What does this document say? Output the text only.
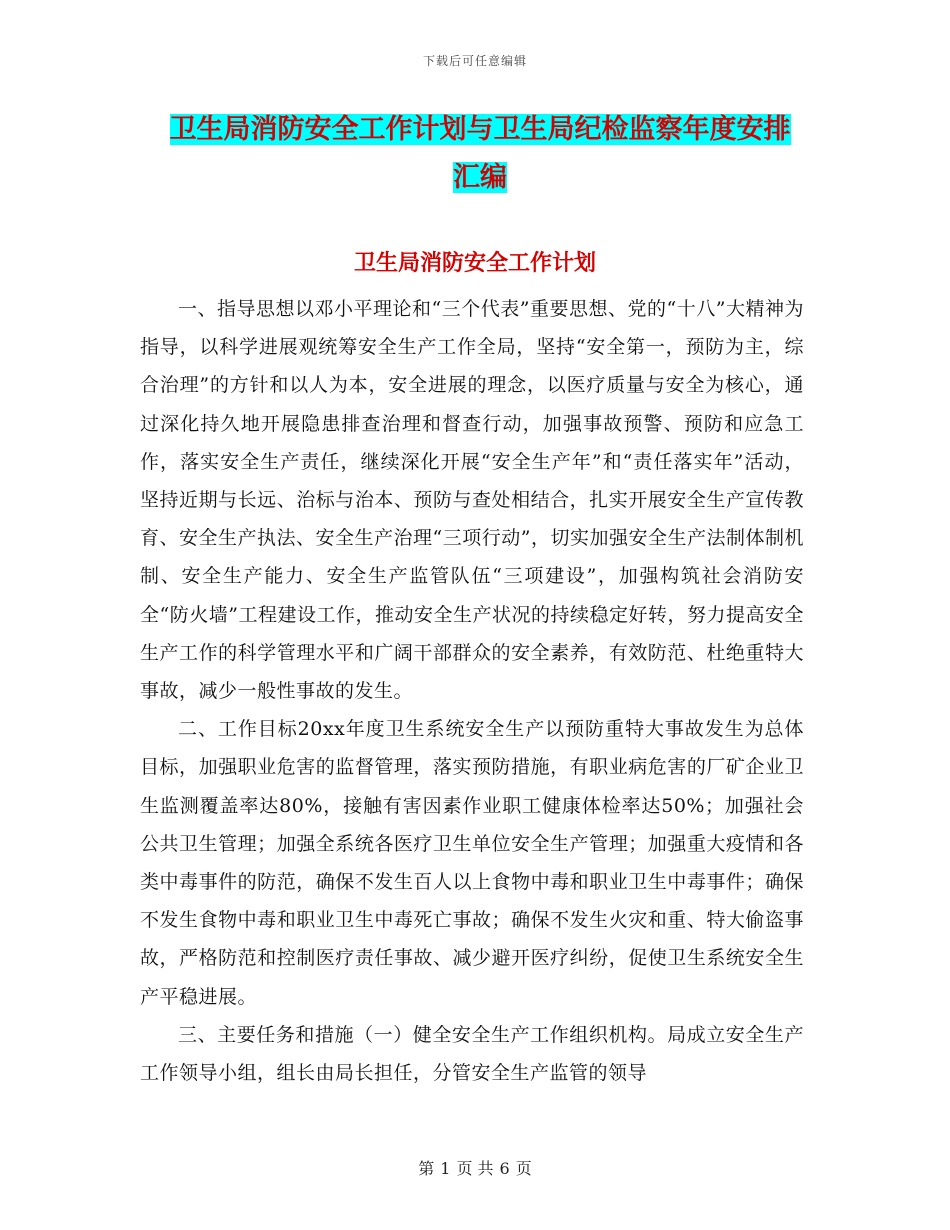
下载后可任意编辑
卫生局消防安全工作计划与卫生局纪检监察年度安排
汇编
卫生局消防安全工作计划

一、指导思想以邓小平理论和“三个代表”重要思想、党的“十八”大精神为指导，以科学进展观统筹安全生产工作全局，坚持“安全第一，预防为主，综合治理”的方针和以人为本，安全进展的理念，以医疗质量与安全为核心，通过深化持久地开展隐患排查治理和督查行动，加强事故预警、预防和应急工作，落实安全生产责任，继续深化开展“安全生产年”和“责任落实年”活动，坚持近期与长远、治标与治本、预防与查处相结合，扎实开展安全生产宣传教育、安全生产执法、安全生产治理“三项行动”，切实加强安全生产法制体制机制、安全生产能力、安全生产监管队伍“三项建设”，加强构筑社会消防安全“防火墙”工程建设工作，推动安全生产状况的持续稳定好转，努力提高安全生产工作的科学管理水平和广阔干部群众的安全素养，有效防范、杜绝重特大事故，减少一般性事故的发生。

二、工作目标20xx年度卫生系统安全生产以预防重特大事故发生为总体目标，加强职业危害的监督管理，落实预防措施，有职业病危害的厂矿企业卫生监测覆盖率达80%，接触有害因素作业职工健康体检率达50%；加强社会公共卫生管理；加强全系统各医疗卫生单位安全生产管理；加强重大疫情和各类中毒事件的防范，确保不发生百人以上食物中毒和职业卫生中毒事件；确保不发生食物中毒和职业卫生中毒死亡事故；确保不发生火灾和重、特大偷盗事故，严格防范和控制医疗责任事故、减少避开医疗纠纷，促使卫生系统安全生产平稳进展。

三、主要任务和措施（一）健全安全生产工作组织机构。局成立安全生产工作领导小组，组长由局长担任，分管安全生产监管的领导

第 1 页 共 6 页
